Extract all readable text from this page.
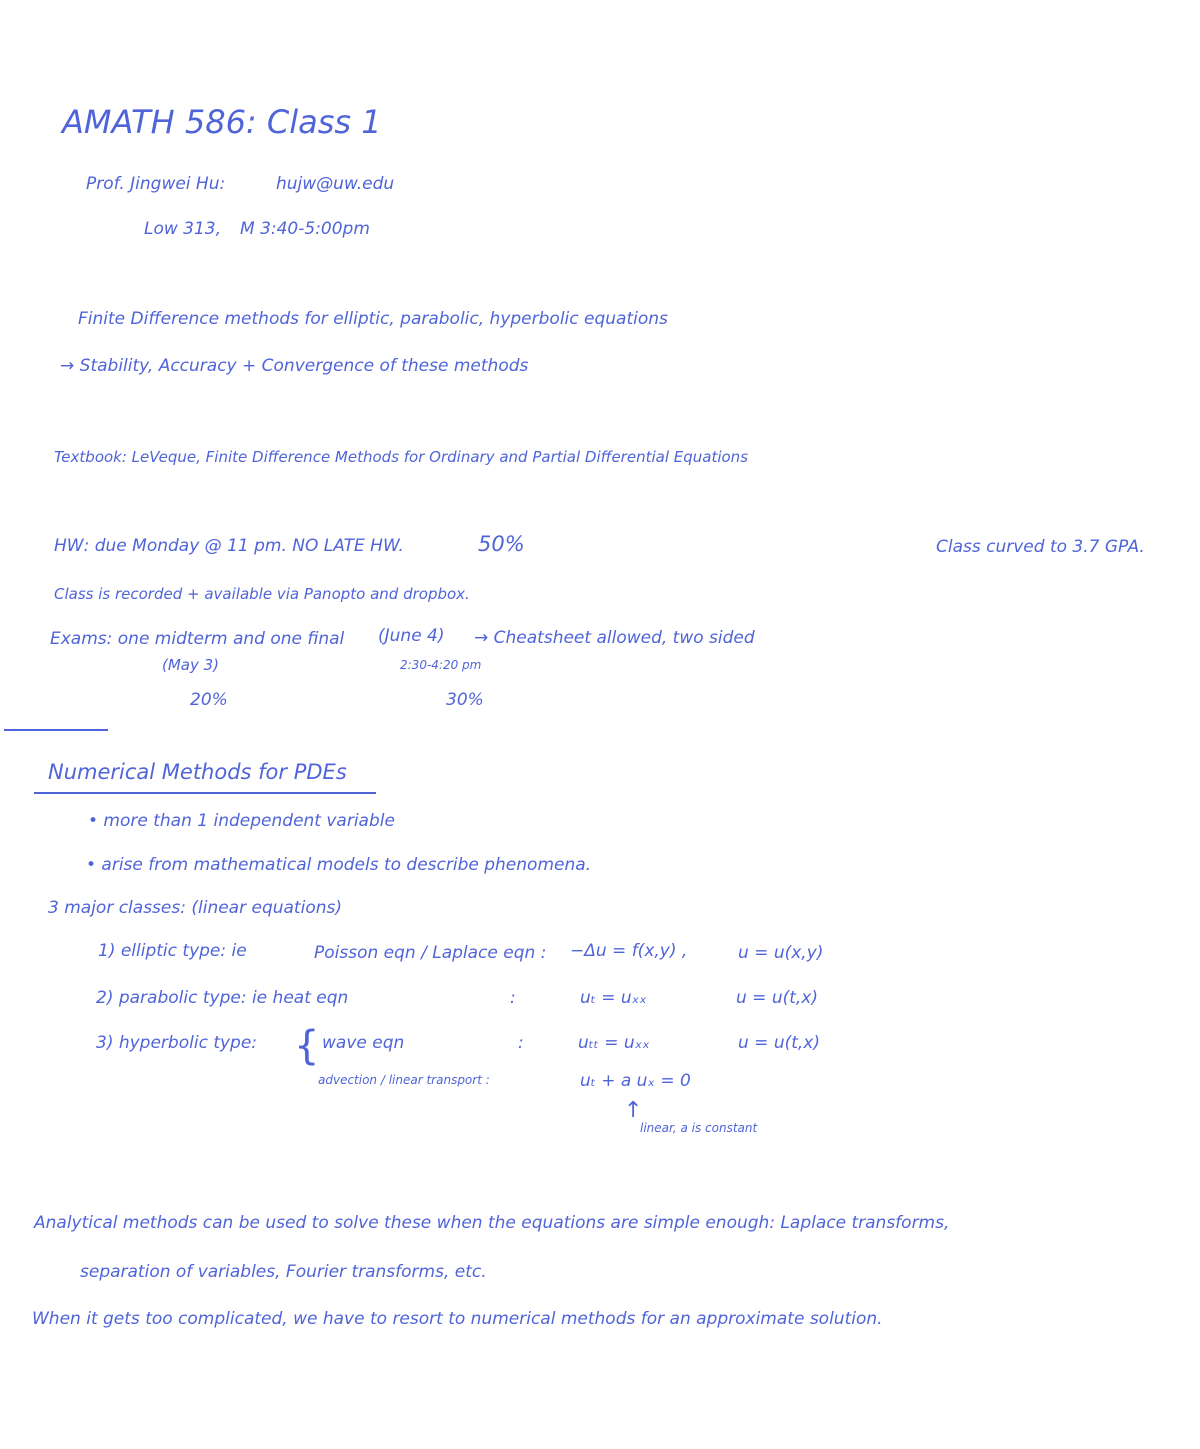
AMATH 586: Class 1
Prof. Jingwei Hu:	hujw@uw.edu
Low 313, M 3:40-5:00pm
Finite Difference methods for elliptic, parabolic, hyperbolic equations
→ Stability, Accuracy + Convergence of these methods
Textbook: LeVeque, Finite Difference Methods for Ordinary and Partial Differential Equations
HW: due Monday @ 11 pm. NO LATE HW.	50%	Class curved to 3.7 GPA.
Class is recorded + available via Panopto and dropbox.
Exams: one midterm and one final (June 4) → Cheatsheet allowed, two sided
(May 3)	2:30-4:20 pm
20%	30%
Numerical Methods for PDEs
• more than 1 independent variable
• arise from mathematical models to describe phenomena.
3 major classes: (linear equations)
1) elliptic type: ie	Poisson eqn / Laplace eqn : −Δu = f(x,y) ,	u = u(x,y)
2) parabolic type: ie heat eqn	:	uₜ = uₓₓ	u = u(t,x)
3) hyperbolic type: { wave eqn	:	uₜₜ = uₓₓ	u = u(t,x)
advection / linear transport :	uₜ + a uₓ = 0
↑
linear, a is constant
Analytical methods can be used to solve these when the equations are simple enough: Laplace transforms,
separation of variables, Fourier transforms, etc.
When it gets too complicated, we have to resort to numerical methods for an approximate solution.
